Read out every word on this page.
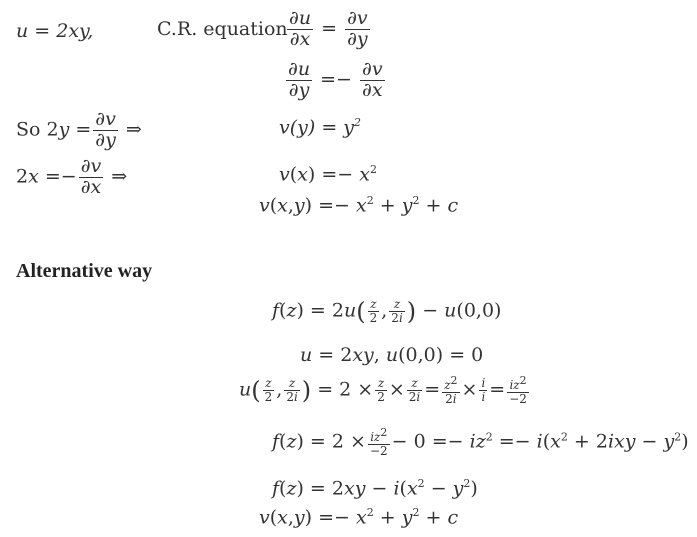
u = 2xy,	C.R. equation $\frac{\partial u}{\partial x} = \frac{\partial v}{\partial y}$
$\frac{\partial u}{\partial y} =- \frac{\partial v}{\partial x}$
So $2y = \frac{\partial v}{\partial y}$ ⇒	$v(y) = y^2$
$2x =- \frac{\partial v}{\partial x}$ ⇒	$v(x) =- x^2$
$v(x,y) =- x^2 + y^2 + c$
Alternative way
$f(z) = 2u( \frac{z}{2}$ , $\frac{z}{2i}$ ) − u(0,0)
u = 2xy, u(0,0) = 0
$u( \frac{z}{2}$ , $\frac{z}{2i}$ ) = $2 \times \frac{z}{2} \times \frac{z}{2i} = \frac{z^2}{2i} \times \frac{i}{i} = \frac{iz^2}{-2}$
$f(z) = 2 \times \frac{iz^2}{-2} - 0 =- iz^2 =- i(x^2 + 2ixy - y^2)$
$f(z) = 2xy - i(x^2 - y^2)$
$v(x,y) =- x^2 + y^2 + c$
